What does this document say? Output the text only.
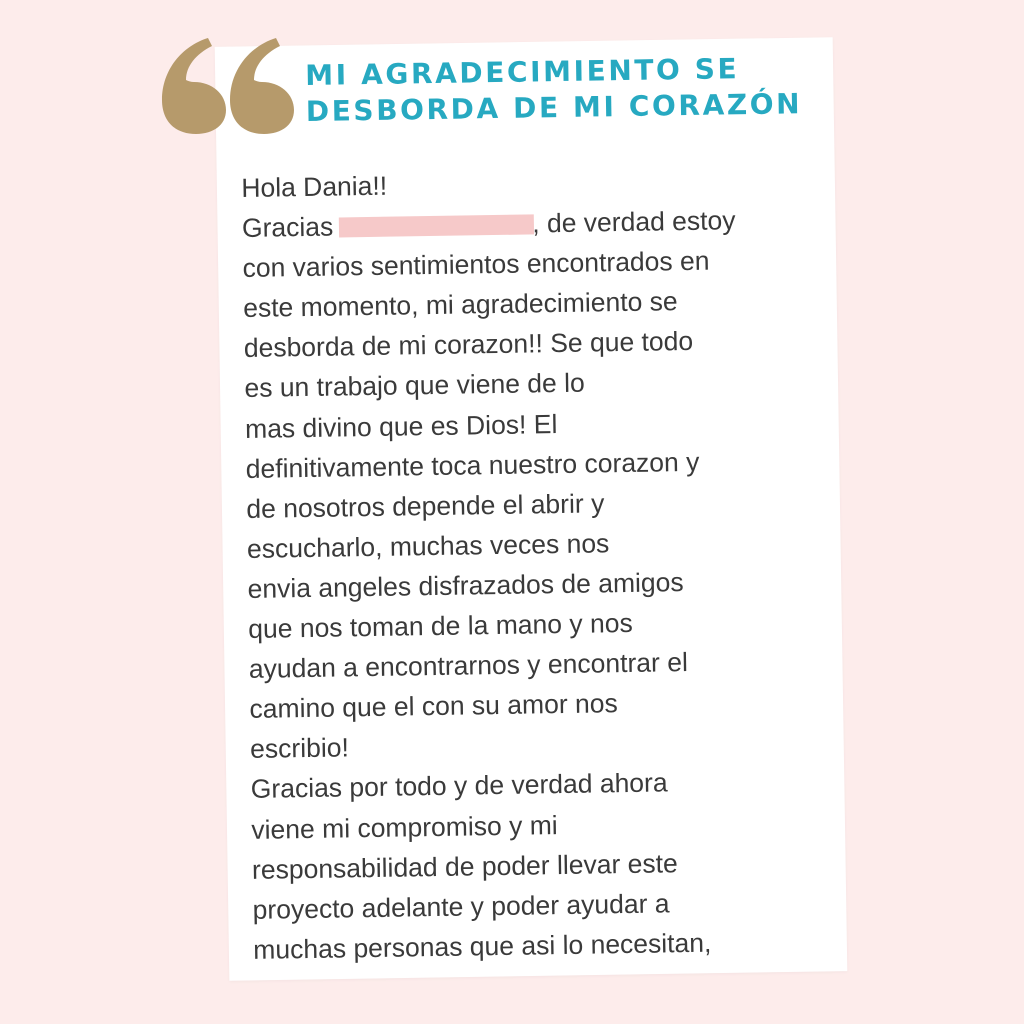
MI AGRADECIMIENTO SE
DESBORDA DE MI CORAZÓN
Hola Dania!!
Gracias	, de verdad estoy
con varios sentimientos encontrados en
este momento, mi agradecimiento se
desborda de mi corazon!! Se que todo
es un trabajo que viene de lo
mas divino que es Dios! El
definitivamente toca nuestro corazon y
de nosotros depende el abrir y
escucharlo, muchas veces nos
envia angeles disfrazados de amigos
que nos toman de la mano y nos
ayudan a encontrarnos y encontrar el
camino que el con su amor nos
escribio!
Gracias por todo y de verdad ahora
viene mi compromiso y mi
responsabilidad de poder llevar este
proyecto adelante y poder ayudar a
muchas personas que asi lo necesitan,
